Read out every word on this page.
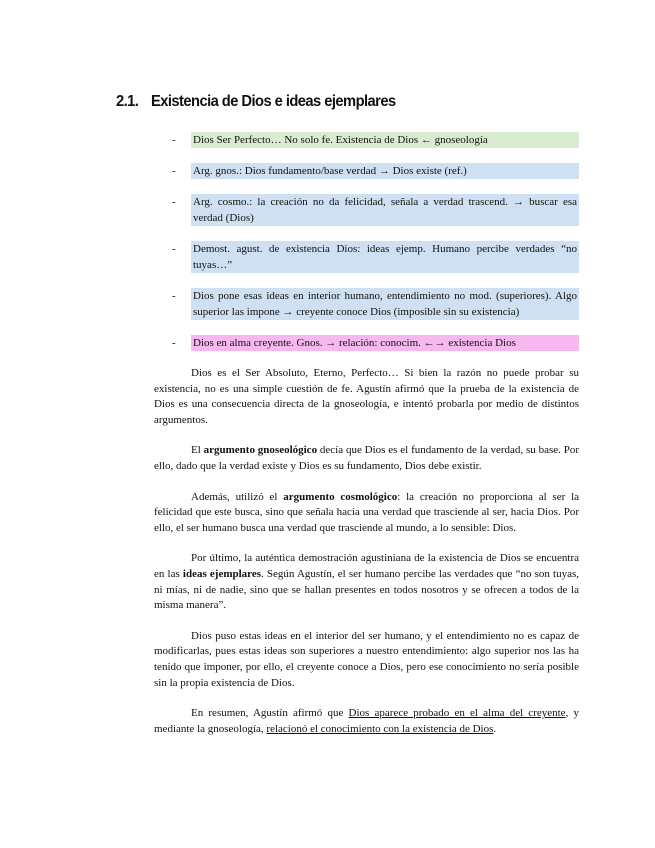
2.1. Existencia de Dios e ideas ejemplares
- Dios Ser Perfecto… No solo fe. Existencia de Dios ← gnoseología
- Arg. gnos.: Dios fundamento/base verdad → Dios existe (ref.)
- Arg. cosmo.: la creación no da felicidad, señala a verdad trascend. → buscar esa verdad (Dios)
- Demost. agust. de existencia Dios: ideas ejemp. Humano percibe verdades “no tuyas…”
- Dios pone esas ideas en interior humano, entendimiento no mod. (superiores). Algo superior las impone → creyente conoce Dios (imposible sin su existencia)
- Dios en alma creyente. Gnos. → relación: conocim. ←→ existencia Dios

Dios es el Ser Absoluto, Eterno, Perfecto… Si bien la razón no puede probar su existencia, no es una simple cuestión de fe. Agustín afirmó que la prueba de la existencia de Dios es una consecuencia directa de la gnoseología, e intentó probarla por medio de distintos argumentos.

El argumento gnoseológico decía que Dios es el fundamento de la verdad, su base. Por ello, dado que la verdad existe y Dios es su fundamento, Dios debe existir.

Además, utilizó el argumento cosmológico: la creación no proporciona al ser la felicidad que este busca, sino que señala hacia una verdad que trasciende al ser, hacia Dios. Por ello, el ser humano busca una verdad que trasciende al mundo, a lo sensible: Dios.

Por último, la auténtica demostración agustiniana de la existencia de Dios se encuentra en las ideas ejemplares. Según Agustín, el ser humano percibe las verdades que “no son tuyas, ni mías, ni de nadie, sino que se hallan presentes en todos nosotros y se ofrecen a todos de la misma manera”.

Dios puso estas ideas en el interior del ser humano, y el entendimiento no es capaz de modificarlas, pues estas ideas son superiores a nuestro entendimiento: algo superior nos las ha tenido que imponer, por ello, el creyente conoce a Dios, pero ese conocimiento no sería posible sin la propia existencia de Dios.

En resumen, Agustín afirmó que Dios aparece probado en el alma del creyente, y mediante la gnoseología, relacionó el conocimiento con la existencia de Dios.
